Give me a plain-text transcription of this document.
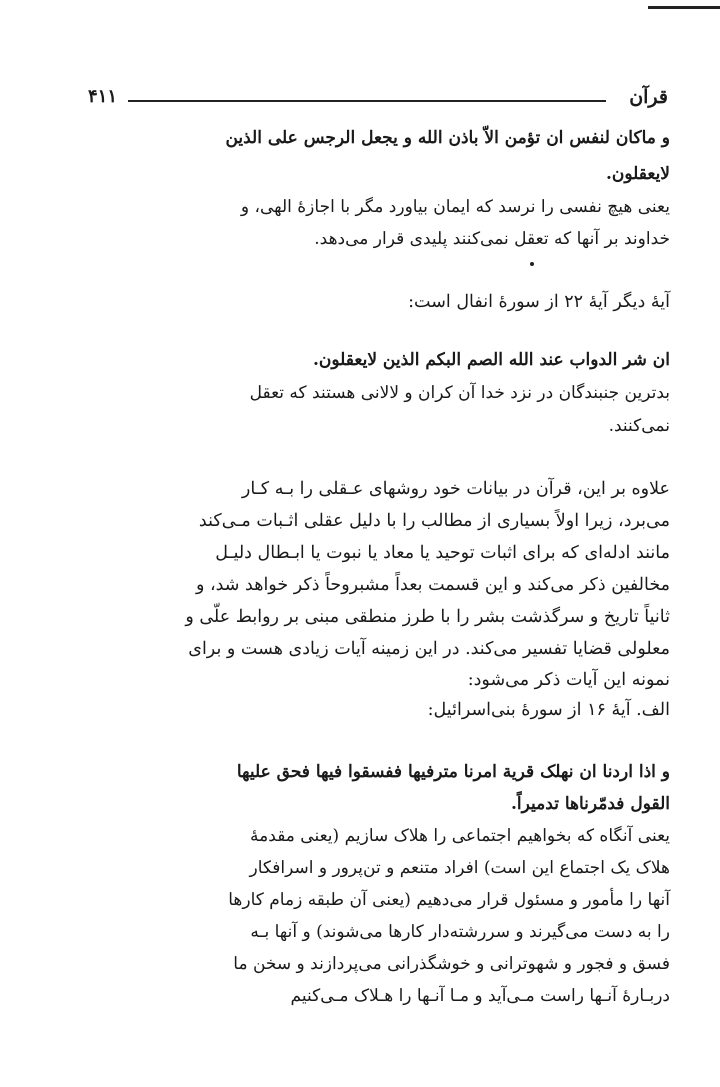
قرآن
۴۱۱
و ماکان لنفس ان تؤمن الاّ باذن الله و یجعل الرجس علی الذین
لایعقلون.
یعنی هیچ نفسی را نرسد که ایمان بیاورد مگر با اجازهٔ الهی، و
خداوند بر آنها که تعقل نمی‌کنند پلیدی قرار می‌دهد.
آیهٔ دیگر آیهٔ ۲۲ از سورهٔ انفال است:
ان شر الدواب عند الله الصم البکم الذین لایعقلون.
بدترین جنبندگان در نزد خدا آن کران و لالانی هستند که تعقل
نمی‌کنند.
علاوه بر این، قرآن در بیانات خود روشهای عـقلی را بـه کـار
می‌برد، زیرا اولاً بسیاری از مطالب را با دلیل عقلی اثـبات مـی‌کند
مانند ادله‌ای که برای اثبات توحید یا معاد یا نبوت یا ابـطال دلیـل
مخالفین ذکر می‌کند و این قسمت بعداً مشبروحاً ذکر خواهد شد، و
ثانیاً تاریخ و سرگذشت بشر را با طرز منطقی مبنی بر روابط علّی و
معلولی قضایا تفسیر می‌کند. در این زمینه آیات زیادی هست و برای
نمونه این آیات ذکر می‌شود:
الف. آیهٔ ۱۶ از سورهٔ بنی‌اسرائیل:
و اذا اردنا ان نهلک قریة امرنا مترفیها ففسقوا فیها فحق علیها
القول فدمّرناها تدمیراً.
یعنی آنگاه که بخواهیم اجتماعی را هلاک سازیم (یعنی مقدمهٔ
هلاک یک اجتماع این است) افراد متنعم و تن‌پرور و اسرافکار
آنها را مأمور و مسئول قرار می‌دهیم (یعنی آن طبقه زمام کارها
را به دست می‌گیرند و سررشته‌دار کارها می‌شوند) و آنها بـه
فسق و فجور و شهوترانی و خوشگذرانی می‌پردازند و سخن ما
دربـارهٔ آنـها راست مـی‌آید و مـا آنـها را هـلاک مـی‌کنیم
